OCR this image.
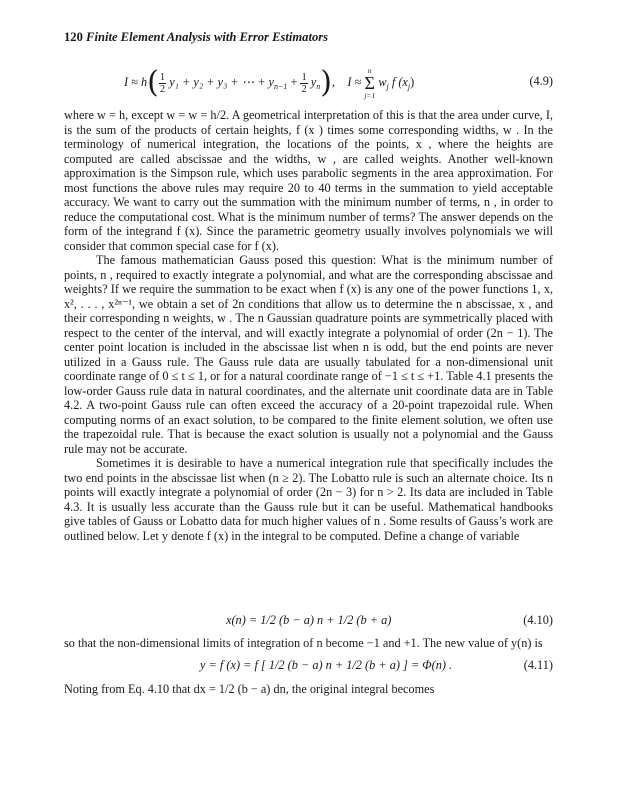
120 Finite Element Analysis with Error Estimators
$I \approx h( \frac{1}{2} y_1 + y_2 + y_3$ + ⋯ + $y_{n-1} + \frac{1}{2} y_n$), I ≈
n
Σ
j=1
$w_j$ f $(x_j)$	(4.9)

where w = h, except w = w = h/2. A geometrical interpretation of this is that the area under curve, I, is the sum of the products of certain heights, f (x ) times some corresponding widths, w . In the terminology of numerical integration, the locations of the points, x , where the heights are computed are called abscissae and the widths, w , are called weights. Another well-known approximation is the Simpson rule, which uses parabolic segments in the area approximation. For most functions the above rules may require 20 to 40 terms in the summation to yield acceptable accuracy. We want to carry out the summation with the minimum number of terms, n , in order to reduce the computational cost. What is the minimum number of terms? The answer depends on the form of the integrand f (x). Since the parametric geometry usually involves polynomials we will consider that common special case for f (x).

The famous mathematician Gauss posed this question: What is the minimum number of points, n , required to exactly integrate a polynomial, and what are the corresponding abscissae and weights? If we require the summation to be exact when f (x) is any one of the power functions 1, x, x², . . . , x²ⁿ⁻¹, we obtain a set of 2n conditions that allow us to determine the n abscissae, x , and their corresponding n weights, w . The n Gaussian quadrature points are symmetrically placed with respect to the center of the interval, and will exactly integrate a polynomial of order (2n − 1). The center point location is included in the abscissae list when n is odd, but the end points are never utilized in a Gauss rule. The Gauss rule data are usually tabulated for a non-dimensional unit coordinate range of 0 ≤ t ≤ 1, or for a natural coordinate range of −1 ≤ t ≤ +1. Table 4.1 presents the low-order Gauss rule data in natural coordinates, and the alternate unit coordinate data are in Table 4.2. A two-point Gauss rule can often exceed the accuracy of a 20-point trapezoidal rule. When computing norms of an exact solution, to be compared to the finite element solution, we often use the trapezoidal rule. That is because the exact solution is usually not a polynomial and the Gauss rule may not be accurate.

Sometimes it is desirable to have a numerical integration rule that specifically includes the two end points in the abscissae list when (n ≥ 2). The Lobatto rule is such an alternate choice. Its n points will exactly integrate a polynomial of order (2n − 3) for n > 2. Its data are included in Table 4.3. It is usually less accurate than the Gauss rule but it can be useful. Mathematical handbooks give tables of Gauss or Lobatto data for much higher values of n . Some results of Gauss’s work are outlined below. Let y denote f (x) in the integral to be computed. Define a change of variable

x(n) = 1/2 (b − a) n + 1/2 (b + a)	(4.10)

so that the non-dimensional limits of integration of n become −1 and +1. The new value of y(n) is

y = f (x) = f [ 1/2 (b − a) n + 1/2 (b + a) ] = Φ(n) .	(4.11)

Noting from Eq. 4.10 that dx = 1/2 (b − a) dn, the original integral becomes
